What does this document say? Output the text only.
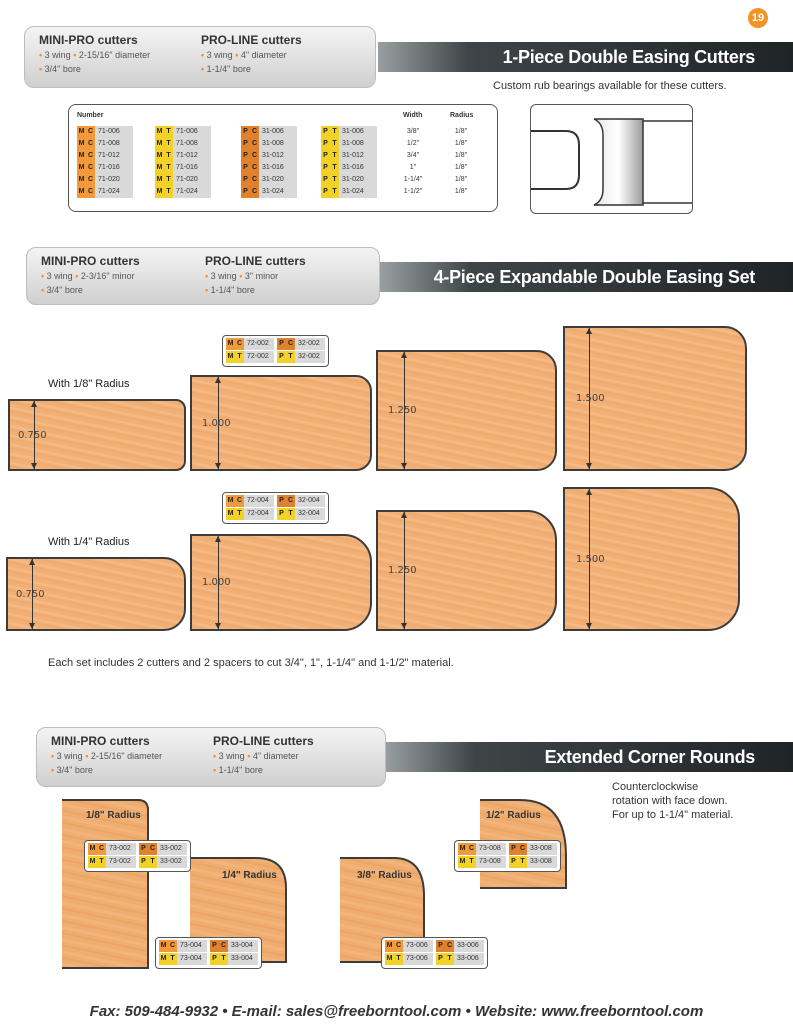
19
1-Piece Double Easing Cutters
MINI-PRO cutters
• 3 wing • 2-15/16" diameter
• 3/4" bore
PRO-LINE cutters
• 3 wing • 4" diameter
• 1-1/4" bore
Custom rub bearings available for these cutters.
Number	Width	Radius
M C 71-006	M T 71-006	P C 31-006	P T 31-006	3/8"	1/8"
M C 71-008	M T 71-008	P C 31-008	P T 31-008	1/2"	1/8"
M C 71-012	M T 71-012	P C 31-012	P T 31-012	3/4"	1/8"
M C 71-016	M T 71-016	P C 31-016	P T 31-016	1"	1/8"
M C 71-020	M T 71-020	P C 31-020	P T 31-020	1-1/4"	1/8"
M C 71-024	M T 71-024	P C 31-024	P T 31-024	1-1/2"	1/8"
4-Piece Expandable Double Easing Set
MINI-PRO cutters
• 3 wing • 2-3/16" minor
• 3/4" bore
PRO-LINE cutters
• 3 wing • 3" minor
• 1-1/4" bore
With 1/8" Radius
0.750
1.000
1.250
1.500
M C 72-002	P C 32-002
M T 72-002	P T 32-002
With 1/4" Radius
0.750
1.000
1.250
1.500
M C 72-004	P C 32-004
M T 72-004	P T 32-004
Each set includes 2 cutters and 2 spacers to cut 3/4", 1", 1-1/4" and 1-1/2" material.
Extended Corner Rounds
MINI-PRO cutters
• 3 wing • 2-15/16" diameter
• 3/4" bore
PRO-LINE cutters
• 3 wing • 4" diameter
• 1-1/4" bore
Counterclockwise
rotation with face down.
For up to 1-1/4" material.
1/8" Radius
1/4" Radius	3/8" Radius
1/2" Radius
M C 73-002	P C 33-002
M T 73-002	P T 33-002
M C 73-004	P C 33-004
M T 73-004	P T 33-004
M C 73-006	P C 33-006
M T 73-006	P T 33-006
M C 73-008	P C 33-008
M T 73-008	P T 33-008
Fax: 509-484-9932 • E-mail: sales@freeborntool.com • Website: www.freeborntool.com
